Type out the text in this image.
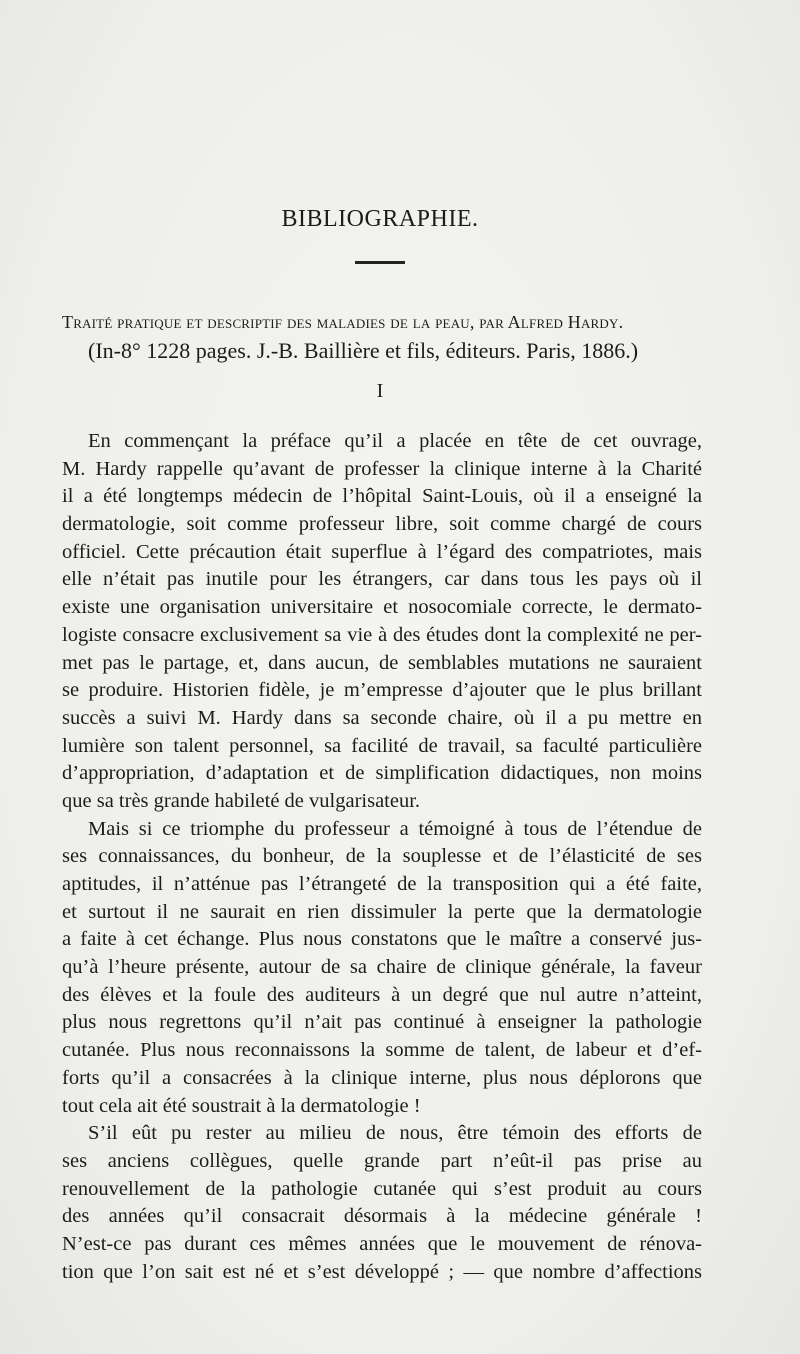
BIBLIOGRAPHIE.
Traité pratique et descriptif des maladies de la peau, par Alfred Hardy.
(In-8° 1228 pages. J.-B. Baillière et fils, éditeurs. Paris, 1886.)
I
En commençant la préface qu’il a placée en tête de cet ouvrage,
M. Hardy rappelle qu’avant de professer la clinique interne à la Charité
il a été longtemps médecin de l’hôpital Saint-Louis, où il a enseigné la
dermatologie, soit comme professeur libre, soit comme chargé de cours
officiel. Cette précaution était superflue à l’égard des compatriotes, mais
elle n’était pas inutile pour les étrangers, car dans tous les pays où il
existe une organisation universitaire et nosocomiale correcte, le dermato-
logiste consacre exclusivement sa vie à des études dont la complexité ne per-
met pas le partage, et, dans aucun, de semblables mutations ne sauraient
se produire. Historien fidèle, je m’empresse d’ajouter que le plus brillant
succès a suivi M. Hardy dans sa seconde chaire, où il a pu mettre en
lumière son talent personnel, sa facilité de travail, sa faculté particulière
d’appropriation, d’adaptation et de simplification didactiques, non moins
que sa très grande habileté de vulgarisateur.
Mais si ce triomphe du professeur a témoigné à tous de l’étendue de
ses connaissances, du bonheur, de la souplesse et de l’élasticité de ses
aptitudes, il n’atténue pas l’étrangeté de la transposition qui a été faite,
et surtout il ne saurait en rien dissimuler la perte que la dermatologie
a faite à cet échange. Plus nous constatons que le maître a conservé jus-
qu’à l’heure présente, autour de sa chaire de clinique générale, la faveur
des élèves et la foule des auditeurs à un degré que nul autre n’atteint,
plus nous regrettons qu’il n’ait pas continué à enseigner la pathologie
cutanée. Plus nous reconnaissons la somme de talent, de labeur et d’ef-
forts qu’il a consacrées à la clinique interne, plus nous déplorons que
tout cela ait été soustrait à la dermatologie !
S’il eût pu rester au milieu de nous, être témoin des efforts de
ses anciens collègues, quelle grande part n’eût-il pas prise au
renouvellement de la pathologie cutanée qui s’est produit au cours
des années qu’il consacrait désormais à la médecine générale !
N’est-ce pas durant ces mêmes années que le mouvement de rénova-
tion que l’on sait est né et s’est développé ; — que nombre d’affections
